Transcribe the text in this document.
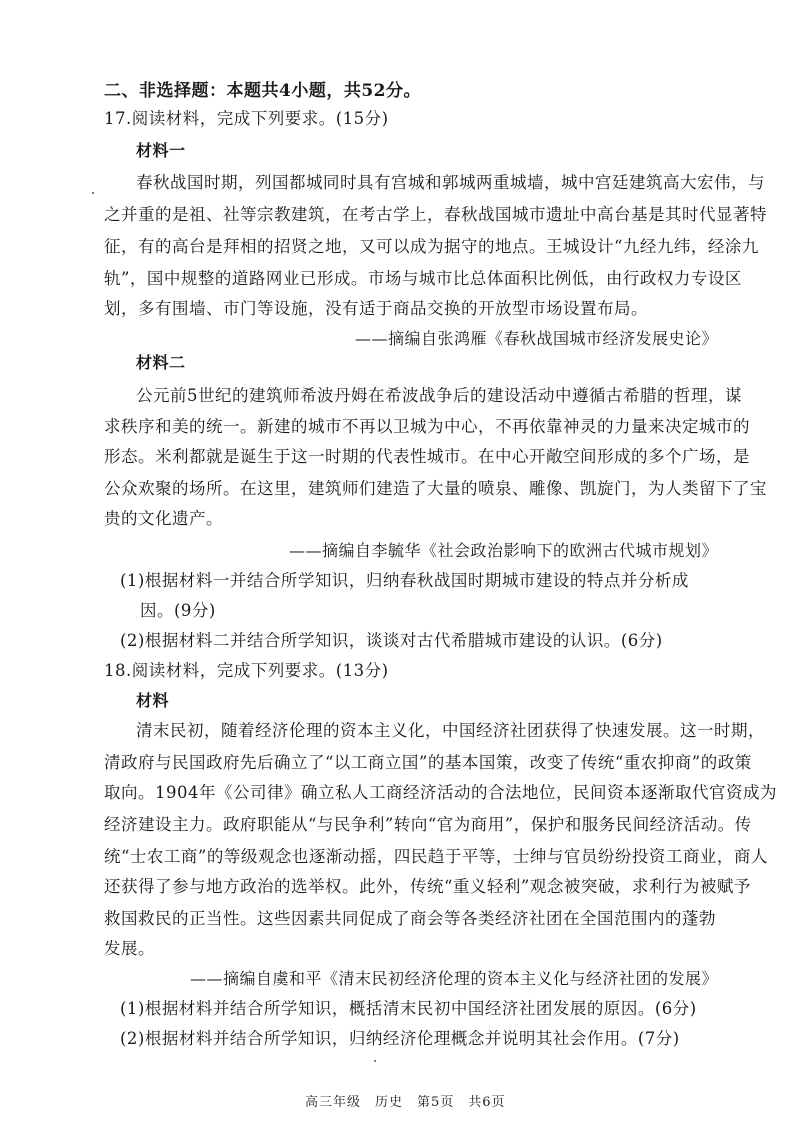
二、非选择题：本题共4小题，共52分。
17.阅读材料，完成下列要求。(15分)
材料一
春秋战国时期，列国都城同时具有宫城和郭城两重城墙，城中宫廷建筑高大宏伟，与
之并重的是祖、社等宗教建筑，在考古学上，春秋战国城市遗址中高台基是其时代显著特
征，有的高台是拜相的招贤之地，又可以成为据守的地点。王城设计“九经九纬，经涂九
轨”，国中规整的道路网业已形成。市场与城市比总体面积比例低，由行政权力专设区
划，多有围墙、市门等设施，没有适于商品交换的开放型市场设置布局。
——摘编自张鸿雁《春秋战国城市经济发展史论》
材料二
公元前5世纪的建筑师希波丹姆在希波战争后的建设活动中遵循古希腊的哲理，谋
求秩序和美的统一。新建的城市不再以卫城为中心，不再依靠神灵的力量来决定城市的
形态。米利都就是诞生于这一时期的代表性城市。在中心开敞空间形成的多个广场，是
公众欢聚的场所。在这里，建筑师们建造了大量的喷泉、雕像、凯旋门，为人类留下了宝
贵的文化遗产。
——摘编自李毓华《社会政治影响下的欧洲古代城市规划》
(1)根据材料一并结合所学知识，归纳春秋战国时期城市建设的特点并分析成
因。(9分)
(2)根据材料二并结合所学知识，谈谈对古代希腊城市建设的认识。(6分)
18.阅读材料，完成下列要求。(13分)
材料
清末民初，随着经济伦理的资本主义化，中国经济社团获得了快速发展。这一时期，
清政府与民国政府先后确立了“以工商立国”的基本国策，改变了传统“重农抑商”的政策
取向。1904年《公司律》确立私人工商经济活动的合法地位，民间资本逐渐取代官资成为
经济建设主力。政府职能从“与民争利”转向“官为商用”，保护和服务民间经济活动。传
统“士农工商”的等级观念也逐渐动摇，四民趋于平等，士绅与官员纷纷投资工商业，商人
还获得了参与地方政治的选举权。此外，传统“重义轻利”观念被突破，求利行为被赋予
救国救民的正当性。这些因素共同促成了商会等各类经济社团在全国范围内的蓬勃
发展。
——摘编自虞和平《清末民初经济伦理的资本主义化与经济社团的发展》
(1)根据材料并结合所学知识，概括清末民初中国经济社团发展的原因。(6分)
(2)根据材料并结合所学知识，归纳经济伦理概念并说明其社会作用。(7分)
高三年级　历史　第5页　共6页
